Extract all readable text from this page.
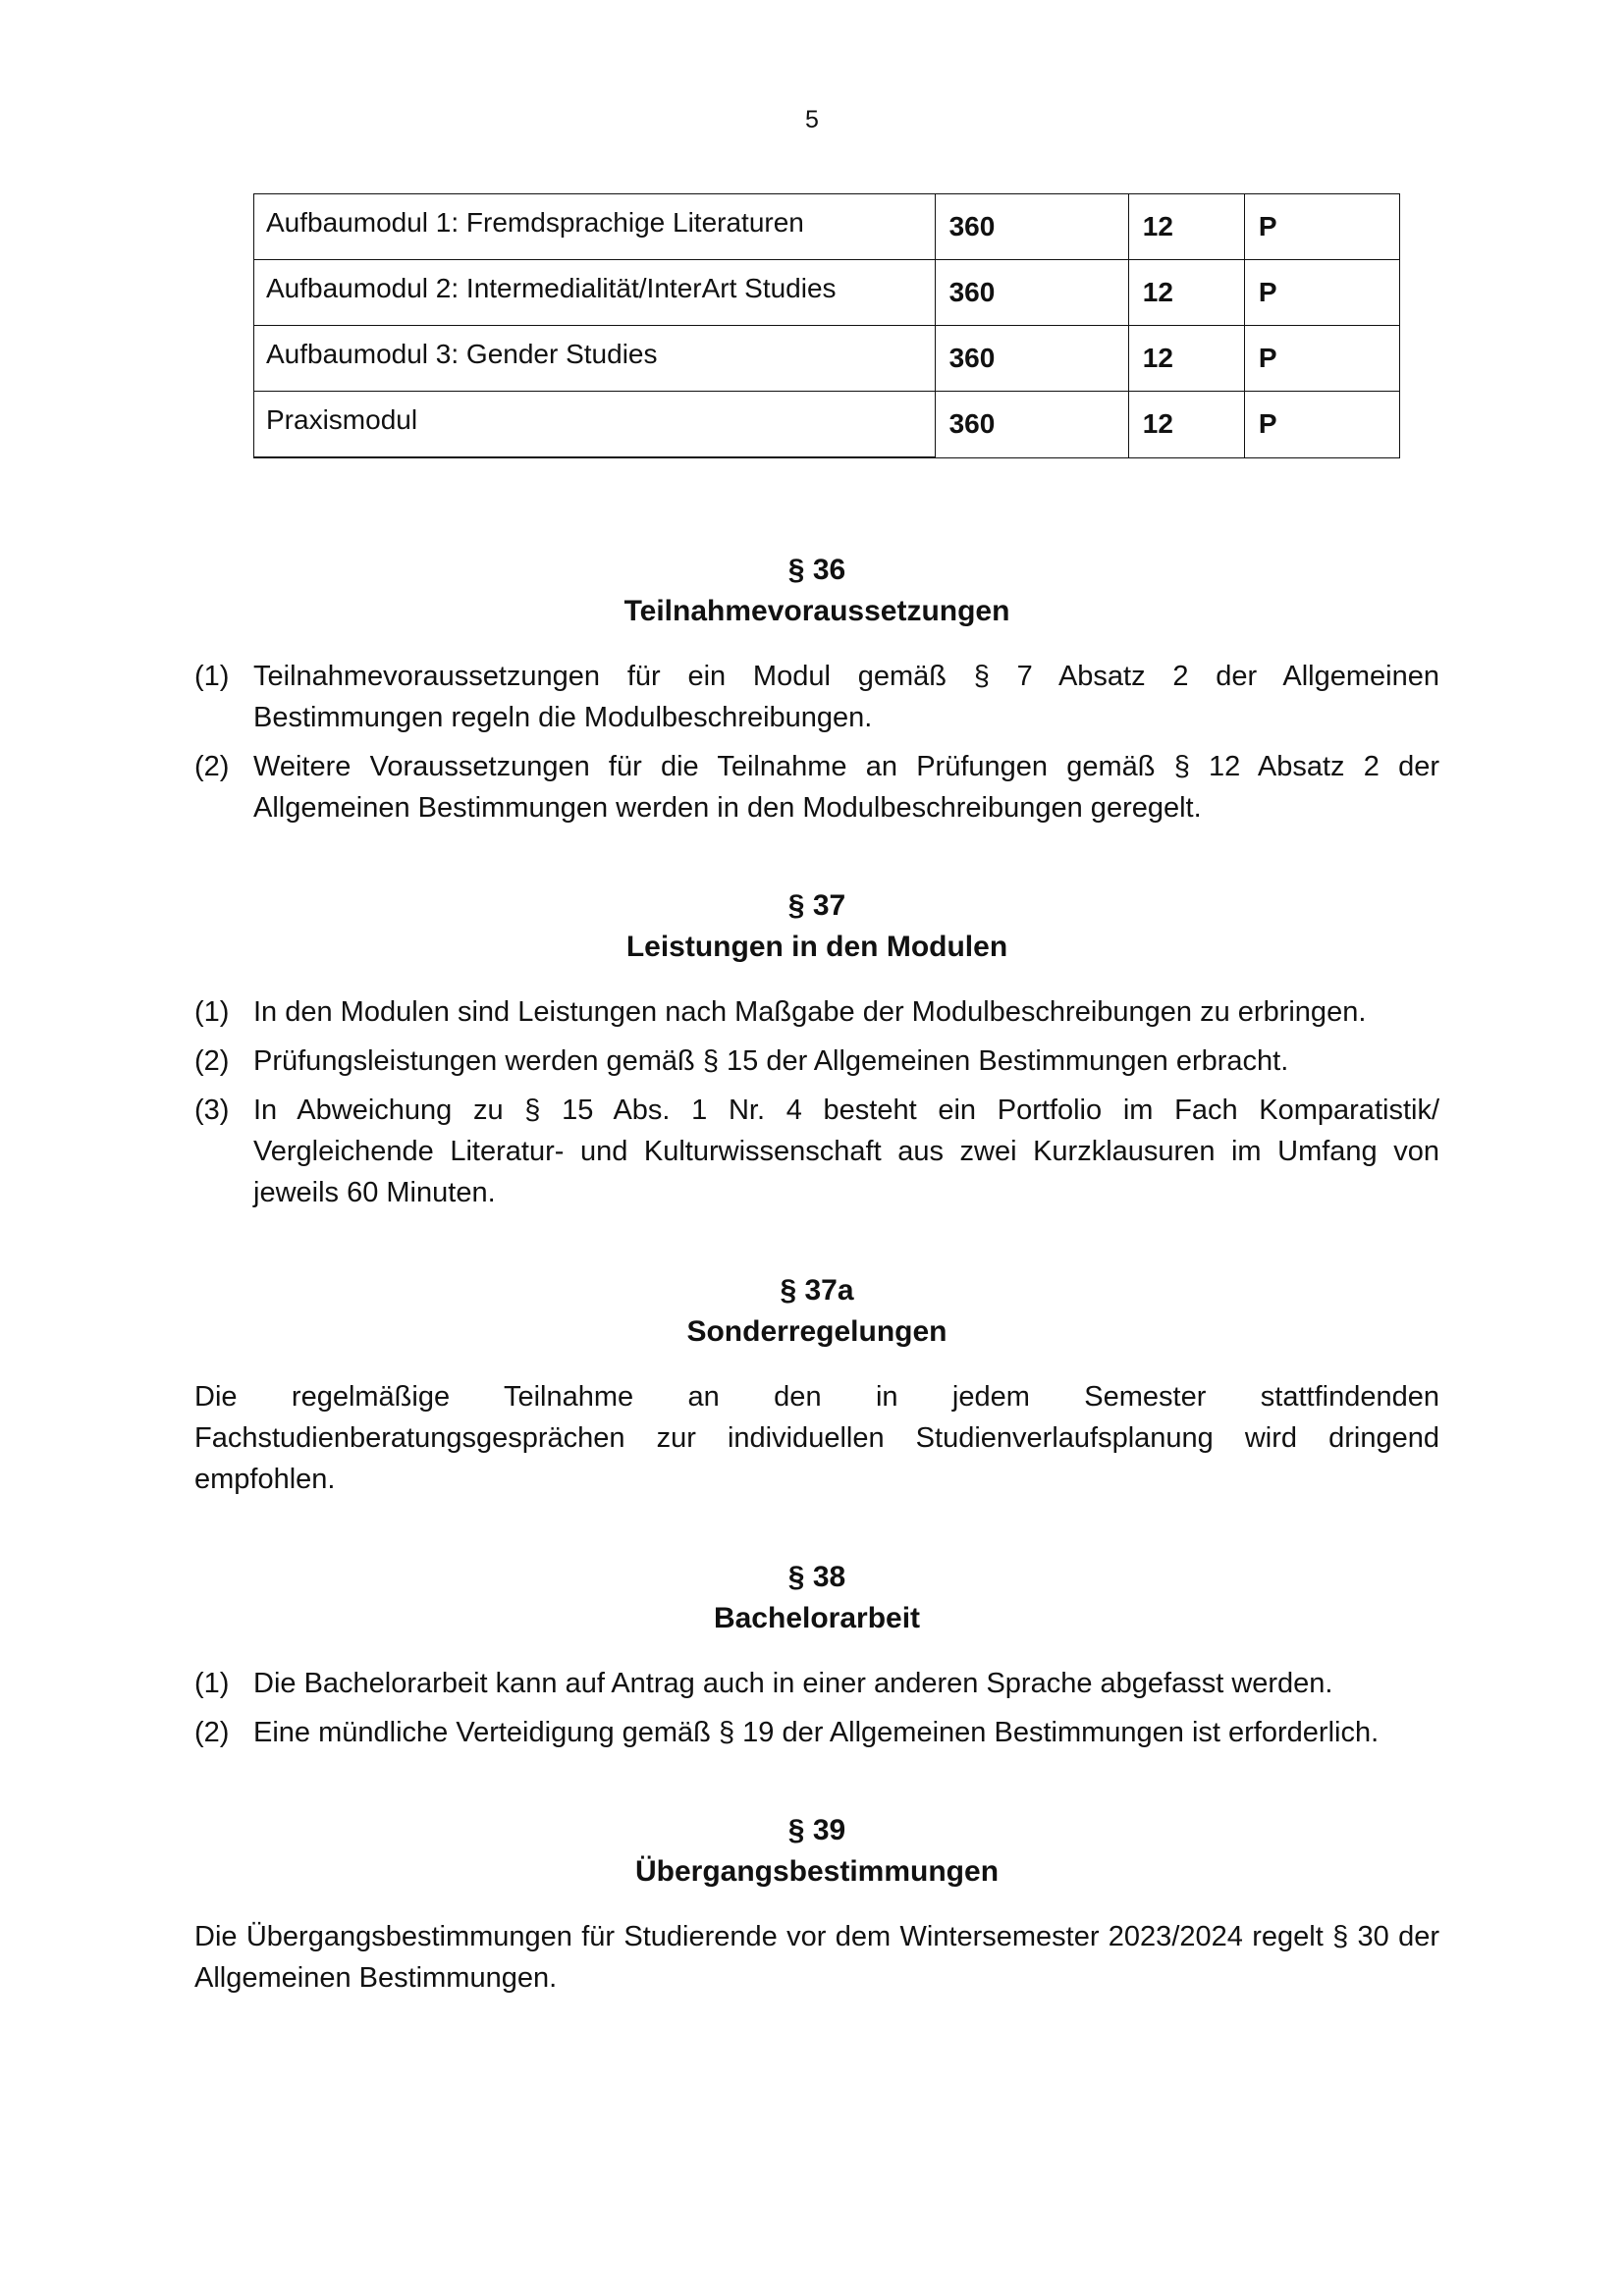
5
Aufbaumodul 1: Fremdsprachige Literaturen	360	12	P
Aufbaumodul 2: Intermedialität/InterArt Studies	360	12	P
Aufbaumodul 3: Gender Studies	360	12	P
Praxismodul	360	12	P
§ 36
Teilnahmevoraussetzungen
(1) Teilnahmevoraussetzungen für ein Modul gemäß § 7 Absatz 2 der Allgemeinen Bestimmungen regeln die Modulbeschreibungen.
(2) Weitere Voraussetzungen für die Teilnahme an Prüfungen gemäß § 12 Absatz 2 der Allgemeinen Bestimmungen werden in den Modulbeschreibungen geregelt.
§ 37
Leistungen in den Modulen
(1) In den Modulen sind Leistungen nach Maßgabe der Modulbeschreibungen zu erbringen.
(2) Prüfungsleistungen werden gemäß § 15 der Allgemeinen Bestimmungen erbracht.
(3) In Abweichung zu § 15 Abs. 1 Nr. 4 besteht ein Portfolio im Fach Komparatistik/ Vergleichende Literatur- und Kulturwissenschaft aus zwei Kurzklausuren im Umfang von jeweils 60 Minuten.
§ 37a
Sonderregelungen

Die regelmäßige Teilnahme an den in jedem Semester stattfindenden Fachstudienberatungsgesprächen zur individuellen Studienverlaufsplanung wird dringend empfohlen.

§ 38
Bachelorarbeit
(1) Die Bachelorarbeit kann auf Antrag auch in einer anderen Sprache abgefasst werden.
(2) Eine mündliche Verteidigung gemäß § 19 der Allgemeinen Bestimmungen ist erforderlich.
§ 39
Übergangsbestimmungen

Die Übergangsbestimmungen für Studierende vor dem Wintersemester 2023/2024 regelt § 30 der Allgemeinen Bestimmungen.
